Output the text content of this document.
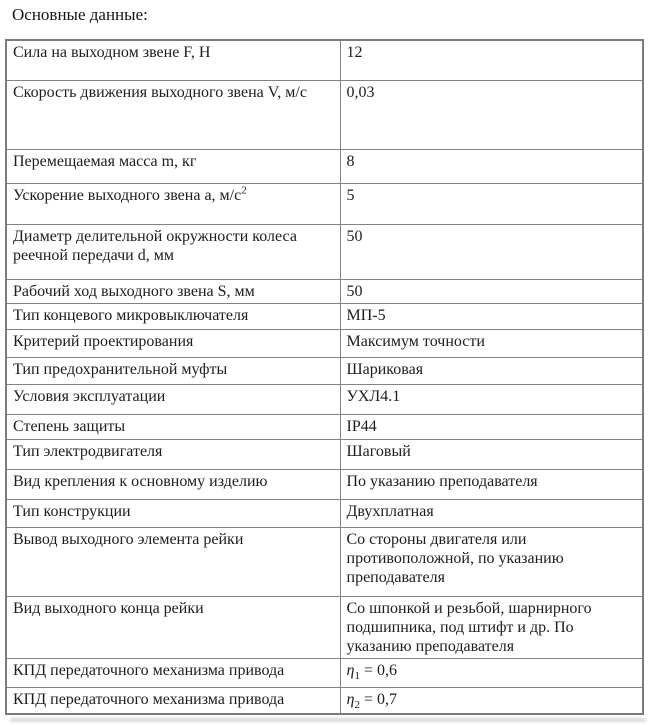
Основные данные:
Сила на выходном звене F, Н	12
Скорость движения выходного звена V, м/с	0,03
Перемещаемая масса m, кг	8
Ускорение выходного звена a, $м/с^2$	5
Диаметр делительной окружности колеса реечной передачи d, мм	50
Рабочий ход выходного звена S, мм	50
Тип концевого микровыключателя	МП-5
Критерий проектирования	Максимум точности
Тип предохранительной муфты	Шариковая
Условия эксплуатации	УХЛ4.1
Степень защиты	IP44
Тип электродвигателя	Шаговый
Вид крепления к основному изделию	По указанию преподавателя
Тип конструкции	Двухплатная
Вывод выходного элемента рейки	Со стороны двигателя или противоположной, по указанию преподавателя
Вид выходного конца рейки	Со шпонкой и резьбой, шарнирного подшипника, под штифт и др. По указанию преподавателя
КПД передаточного механизма привода	$\eta_1 = 0,6$
КПД передаточного механизма привода	$\eta_2 = 0,7$
